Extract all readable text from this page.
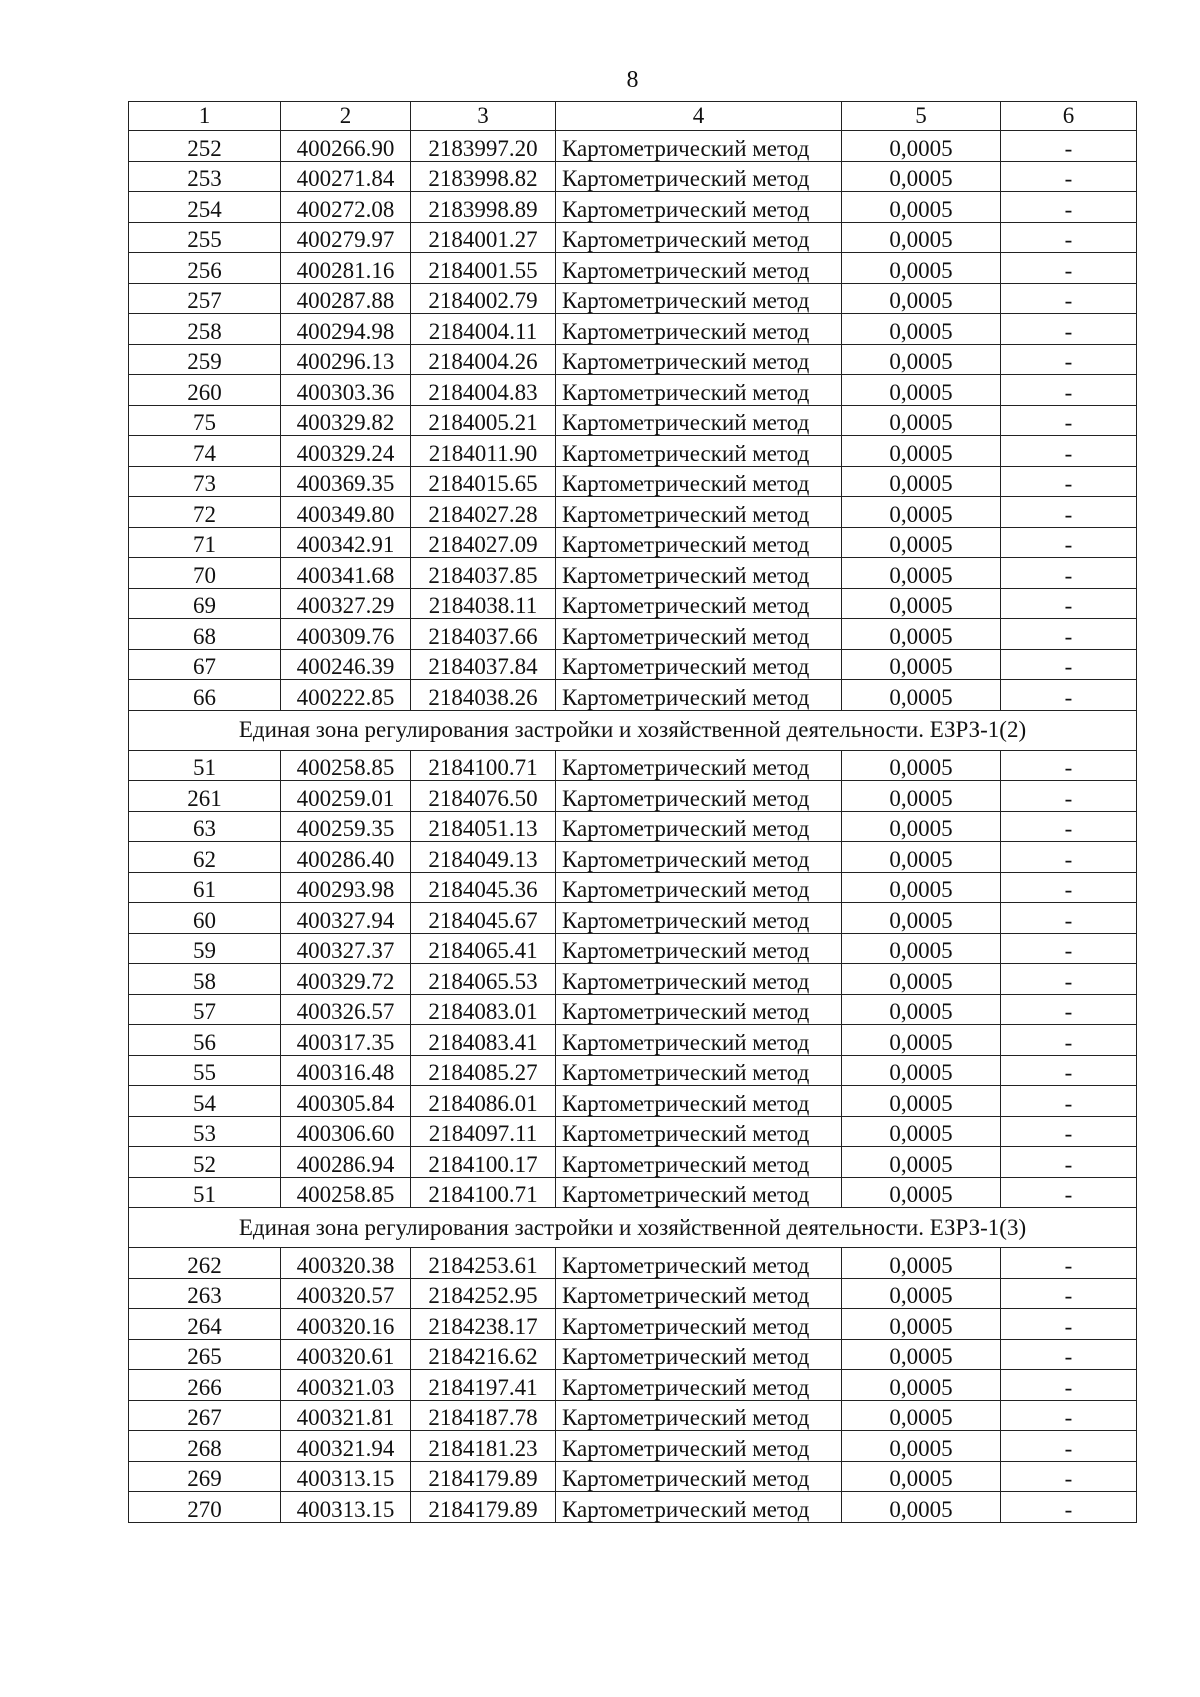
8
1	2	3	4	5	6
252	400266.90	2183997.20	Картометрический метод	0,0005	-
253	400271.84	2183998.82	Картометрический метод	0,0005	-
254	400272.08	2183998.89	Картометрический метод	0,0005	-
255	400279.97	2184001.27	Картометрический метод	0,0005	-
256	400281.16	2184001.55	Картометрический метод	0,0005	-
257	400287.88	2184002.79	Картометрический метод	0,0005	-
258	400294.98	2184004.11	Картометрический метод	0,0005	-
259	400296.13	2184004.26	Картометрический метод	0,0005	-
260	400303.36	2184004.83	Картометрический метод	0,0005	-
75	400329.82	2184005.21	Картометрический метод	0,0005	-
74	400329.24	2184011.90	Картометрический метод	0,0005	-
73	400369.35	2184015.65	Картометрический метод	0,0005	-
72	400349.80	2184027.28	Картометрический метод	0,0005	-
71	400342.91	2184027.09	Картометрический метод	0,0005	-
70	400341.68	2184037.85	Картометрический метод	0,0005	-
69	400327.29	2184038.11	Картометрический метод	0,0005	-
68	400309.76	2184037.66	Картометрический метод	0,0005	-
67	400246.39	2184037.84	Картометрический метод	0,0005	-
66	400222.85	2184038.26	Картометрический метод	0,0005	-
Единая зона регулирования застройки и хозяйственной деятельности. ЕЗРЗ-1(2)					
51	400258.85	2184100.71	Картометрический метод	0,0005	-
261	400259.01	2184076.50	Картометрический метод	0,0005	-
63	400259.35	2184051.13	Картометрический метод	0,0005	-
62	400286.40	2184049.13	Картометрический метод	0,0005	-
61	400293.98	2184045.36	Картометрический метод	0,0005	-
60	400327.94	2184045.67	Картометрический метод	0,0005	-
59	400327.37	2184065.41	Картометрический метод	0,0005	-
58	400329.72	2184065.53	Картометрический метод	0,0005	-
57	400326.57	2184083.01	Картометрический метод	0,0005	-
56	400317.35	2184083.41	Картометрический метод	0,0005	-
55	400316.48	2184085.27	Картометрический метод	0,0005	-
54	400305.84	2184086.01	Картометрический метод	0,0005	-
53	400306.60	2184097.11	Картометрический метод	0,0005	-
52	400286.94	2184100.17	Картометрический метод	0,0005	-
51	400258.85	2184100.71	Картометрический метод	0,0005	-
Единая зона регулирования застройки и хозяйственной деятельности. ЕЗРЗ-1(3)					
262	400320.38	2184253.61	Картометрический метод	0,0005	-
263	400320.57	2184252.95	Картометрический метод	0,0005	-
264	400320.16	2184238.17	Картометрический метод	0,0005	-
265	400320.61	2184216.62	Картометрический метод	0,0005	-
266	400321.03	2184197.41	Картометрический метод	0,0005	-
267	400321.81	2184187.78	Картометрический метод	0,0005	-
268	400321.94	2184181.23	Картометрический метод	0,0005	-
269	400313.15	2184179.89	Картометрический метод	0,0005	-
270	400313.15	2184179.89	Картометрический метод	0,0005	-
